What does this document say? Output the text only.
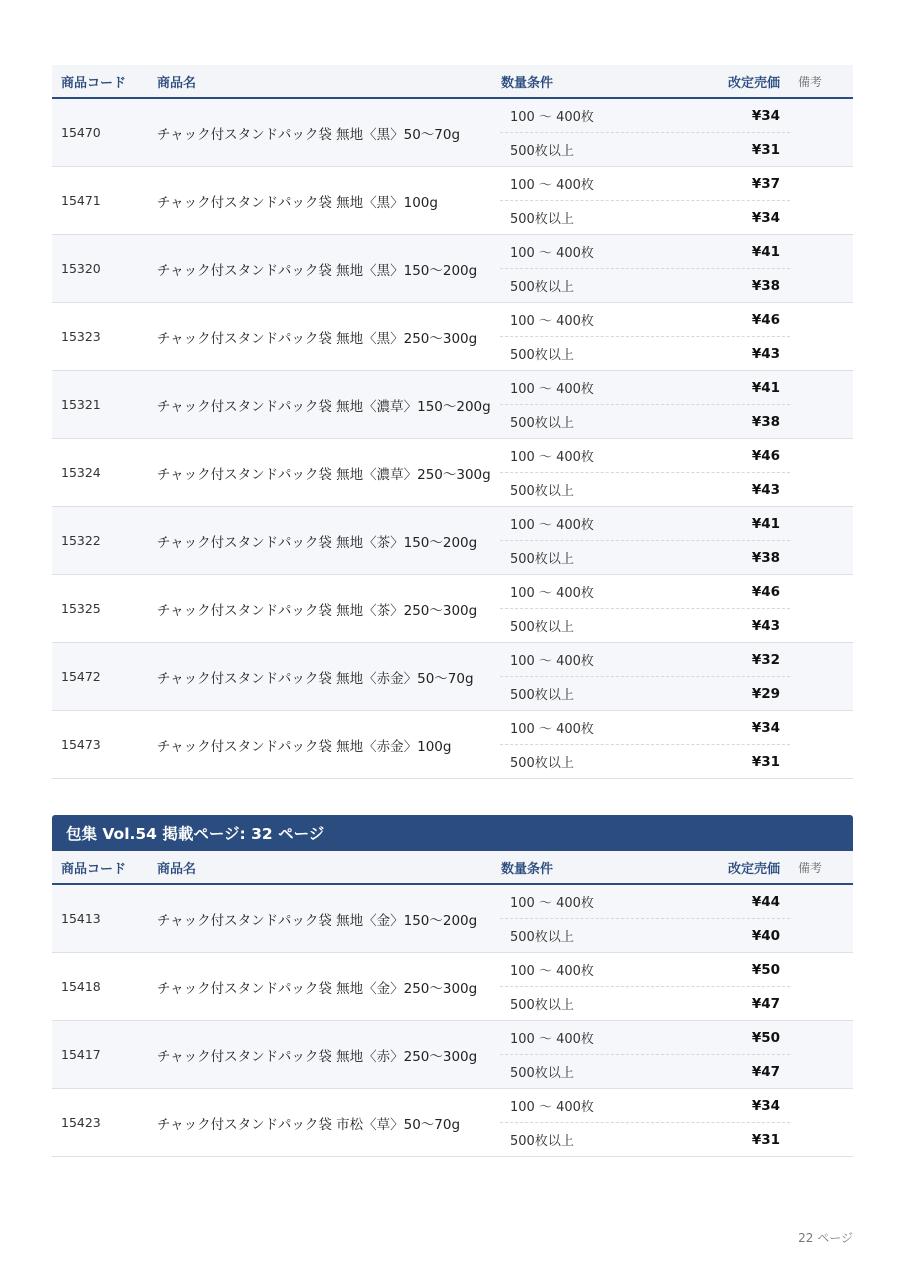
商品コード	商品名	数量条件	改定売価	備考
15470	チャック付スタンドパック袋 無地〈黒〉50〜70g
100 〜 400枚	¥34
500枚以上	¥31
15471	チャック付スタンドパック袋 無地〈黒〉100g
100 〜 400枚	¥37
500枚以上	¥34
15320	チャック付スタンドパック袋 無地〈黒〉150〜200g
100 〜 400枚	¥41
500枚以上	¥38
15323	チャック付スタンドパック袋 無地〈黒〉250〜300g
100 〜 400枚	¥46
500枚以上	¥43
15321	チャック付スタンドパック袋 無地〈濃草〉150〜200g
100 〜 400枚	¥41
500枚以上	¥38
15324	チャック付スタンドパック袋 無地〈濃草〉250〜300g
100 〜 400枚	¥46
500枚以上	¥43
15322	チャック付スタンドパック袋 無地〈茶〉150〜200g
100 〜 400枚	¥41
500枚以上	¥38
15325	チャック付スタンドパック袋 無地〈茶〉250〜300g
100 〜 400枚	¥46
500枚以上	¥43
15472	チャック付スタンドパック袋 無地〈赤金〉50〜70g
100 〜 400枚	¥32
500枚以上	¥29
15473	チャック付スタンドパック袋 無地〈赤金〉100g
100 〜 400枚	¥34
500枚以上	¥31
包集 Vol.54 掲載ページ: 32 ページ
商品コード	商品名	数量条件	改定売価	備考
15413	チャック付スタンドパック袋 無地〈金〉150〜200g
100 〜 400枚	¥44
500枚以上	¥40
15418	チャック付スタンドパック袋 無地〈金〉250〜300g
100 〜 400枚	¥50
500枚以上	¥47
15417	チャック付スタンドパック袋 無地〈赤〉250〜300g
100 〜 400枚	¥50
500枚以上	¥47
15423	チャック付スタンドパック袋 市松〈草〉50〜70g
100 〜 400枚	¥34
500枚以上	¥31
22 ページ
